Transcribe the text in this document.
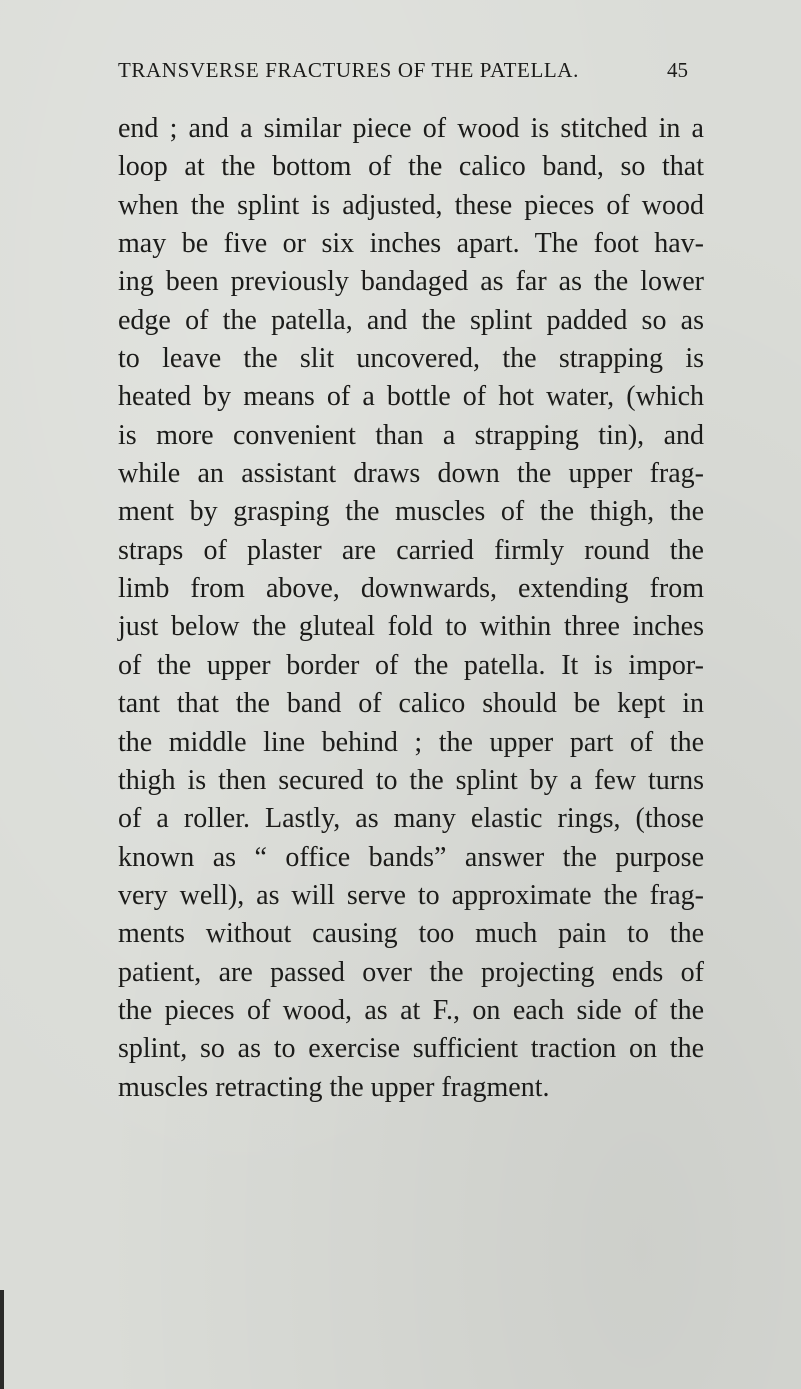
TRANSVERSE FRACTURES OF THE PATELLA.	45
end ; and a similar piece of wood is stitched in a
loop at the bottom of the calico band, so that
when the splint is adjusted, these pieces of wood
may be five or six inches apart. The foot hav-
ing been previously bandaged as far as the lower
edge of the patella, and the splint padded so as
to leave the slit uncovered, the strapping is
heated by means of a bottle of hot water, (which
is more convenient than a strapping tin), and
while an assistant draws down the upper frag-
ment by grasping the muscles of the thigh, the
straps of plaster are carried firmly round the
limb from above, downwards, extending from
just below the gluteal fold to within three inches
of the upper border of the patella. It is impor-
tant that the band of calico should be kept in
the middle line behind ; the upper part of the
thigh is then secured to the splint by a few turns
of a roller. Lastly, as many elastic rings, (those
known as “ office bands” answer the purpose
very well), as will serve to approximate the frag-
ments without causing too much pain to the
patient, are passed over the projecting ends of
the pieces of wood, as at F., on each side of the
splint, so as to exercise sufficient traction on the
muscles retracting the upper fragment.
